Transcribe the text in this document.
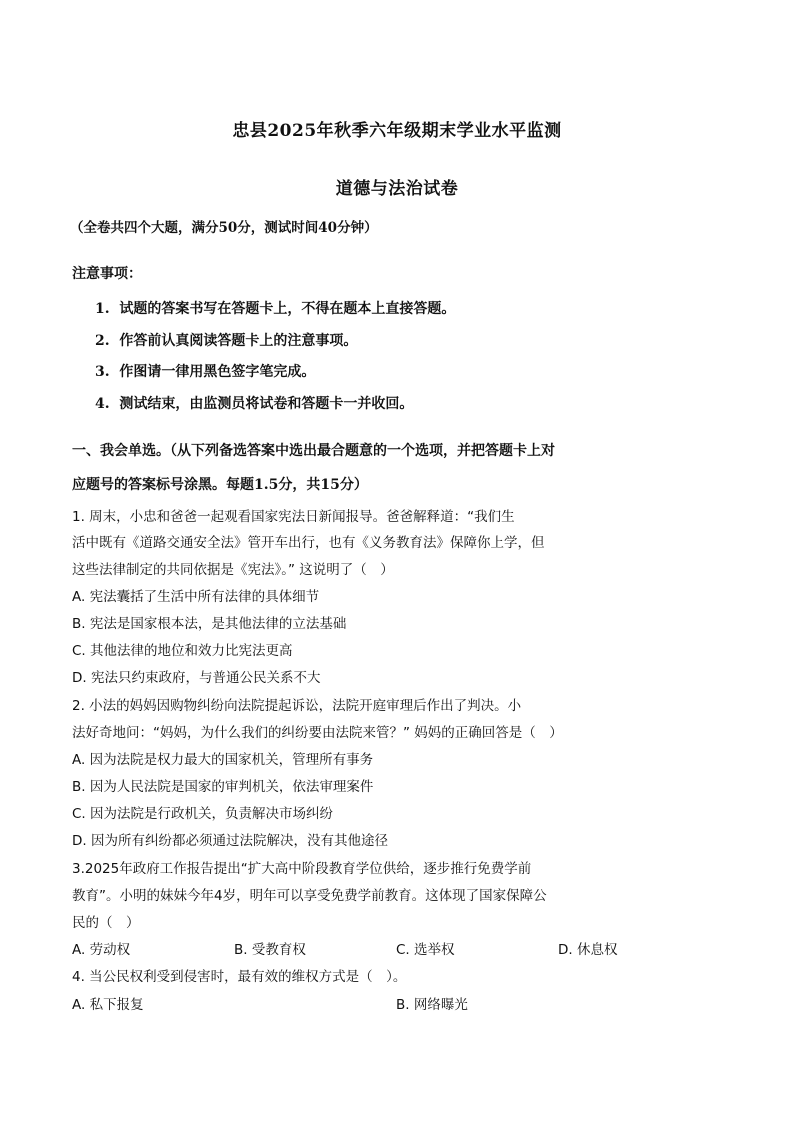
忠县2025年秋季六年级期末学业水平监测
道德与法治试卷
（全卷共四个大题，满分50分，测试时间40分钟）
注意事项：
1. 试题的答案书写在答题卡上，不得在题本上直接答题。
2. 作答前认真阅读答题卡上的注意事项。
3. 作图请一律用黑色签字笔完成。
4. 测试结束，由监测员将试卷和答题卡一并收回。
一、我会单选。（从下列备选答案中选出最合题意的一个选项，并把答题卡上对
应题号的答案标号涂黑。每题1.5分，共15分）
1. 周末，小忠和爸爸一起观看国家宪法日新闻报导。爸爸解释道：“我们生
活中既有《道路交通安全法》管开车出行，也有《义务教育法》保障你上学，但
这些法律制定的共同依据是《宪法》。” 这说明了（　）
A. 宪法囊括了生活中所有法律的具体细节
B. 宪法是国家根本法，是其他法律的立法基础
C. 其他法律的地位和效力比宪法更高
D. 宪法只约束政府，与普通公民关系不大
2. 小法的妈妈因购物纠纷向法院提起诉讼，法院开庭审理后作出了判决。小
法好奇地问：“妈妈，为什么我们的纠纷要由法院来管？” 妈妈的正确回答是（　）
A. 因为法院是权力最大的国家机关，管理所有事务
B. 因为人民法院是国家的审判机关，依法审理案件
C. 因为法院是行政机关，负责解决市场纠纷
D. 因为所有纠纷都必须通过法院解决，没有其他途径
3.2025年政府工作报告提出“扩大高中阶段教育学位供给，逐步推行免费学前
教育”。小明的妹妹今年4岁，明年可以享受免费学前教育。这体现了国家保障公
民的（　）
A. 劳动权	B. 受教育权	C. 选举权	D. 休息权
4. 当公民权利受到侵害时，最有效的维权方式是（　）。
A. 私下报复	B. 网络曝光
